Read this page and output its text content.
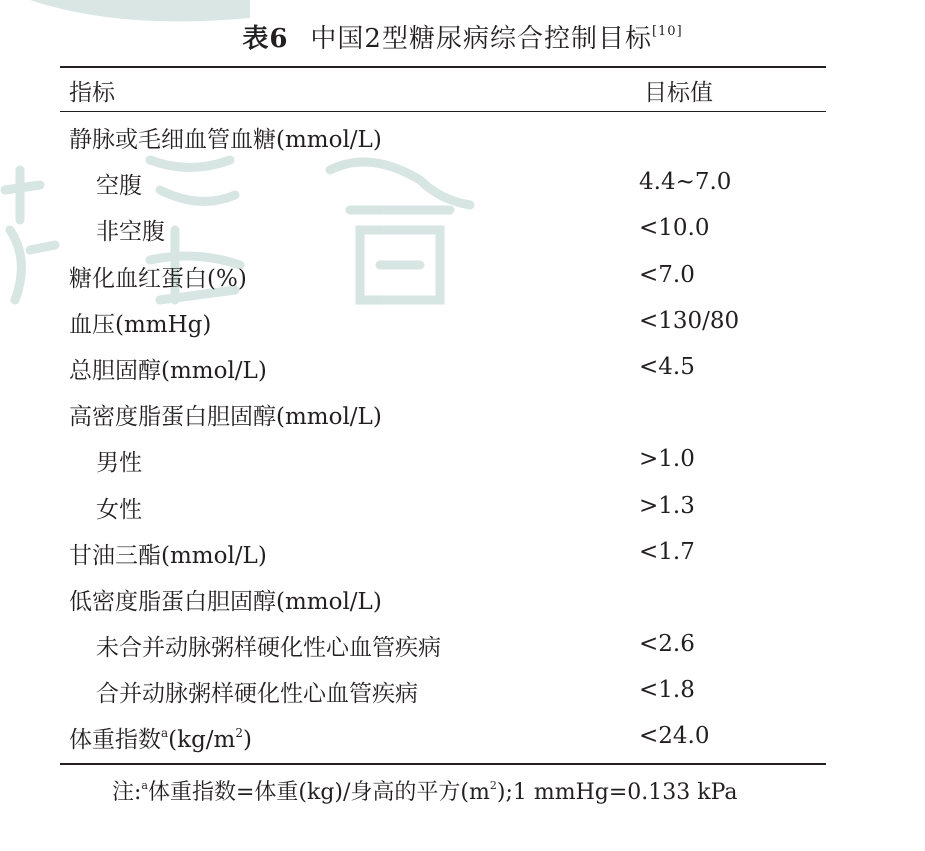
表6 中国2型糖尿病综合控制目标[10]
指标	目标值
静脉或毛细血管血糖(mmol/L)
空腹	4.4~7.0
非空腹	<10.0
糖化血红蛋白(%)	<7.0
血压(mmHg)	<130/80
总胆固醇(mmol/L)	<4.5
高密度脂蛋白胆固醇(mmol/L)
男性	>1.0
女性	>1.3
甘油三酯(mmol/L)	<1.7
低密度脂蛋白胆固醇(mmol/L)
未合并动脉粥样硬化性心血管疾病	<2.6
合并动脉粥样硬化性心血管疾病	<1.8
体重指数$^a(kg/m^2)$	<24.0
注:$^a$体重指数=体重(kg)/身高的平方$(m^2);1$ mmHg=0.133 kPa
